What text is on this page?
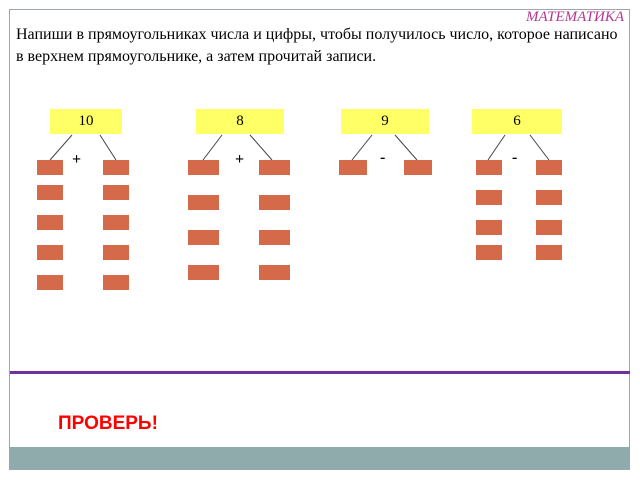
МАТЕМАТИКА
Напиши в прямоугольниках числа и цифры, чтобы получилось число, которое написано в верхнем прямоугольнике, а затем прочитай записи.
10
+
8
+
9
-
6
-
ПРОВЕРЬ!
